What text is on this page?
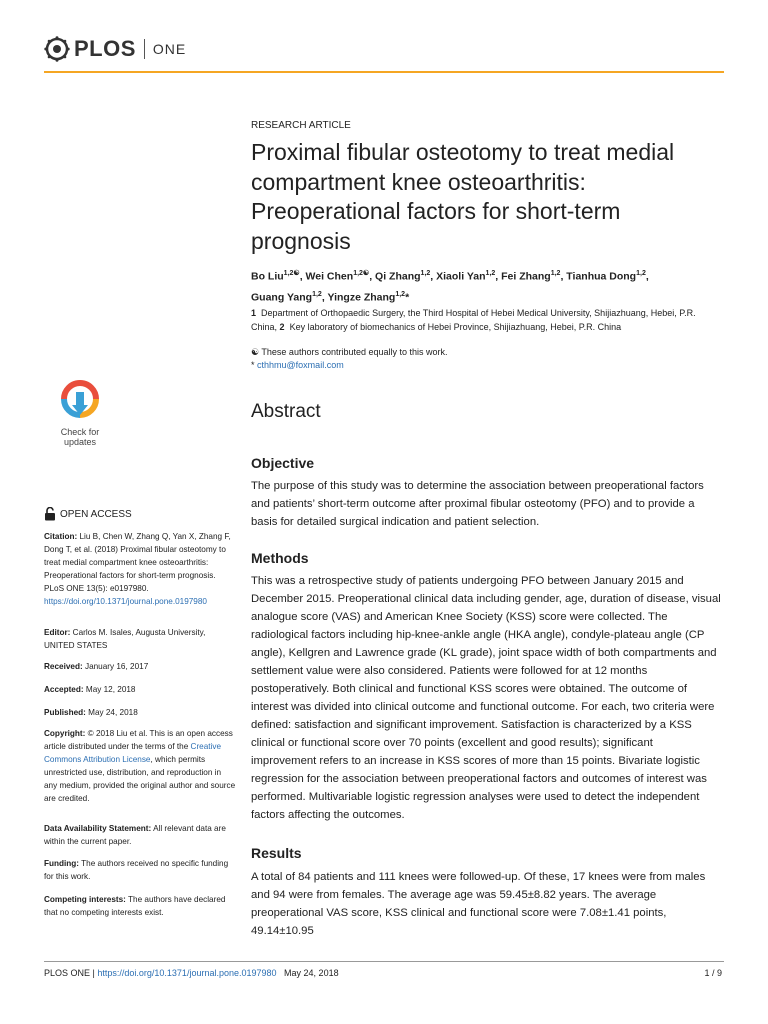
PLOS ONE
RESEARCH ARTICLE
Proximal fibular osteotomy to treat medial compartment knee osteoarthritis: Preoperational factors for short-term prognosis
Bo Liu$^{1,2☯}$, Wei Chen$^{1,2☯}$, Qi Zhang$^{1,2}$, Xiaoli Yan$^{1,2}$, Fei Zhang$^{1,2}$, Tianhua Dong$^{1,2}$,
Guang Yang$^{1,2}$, Yingze Zhang$^{1,2}$*
1 Department of Orthopaedic Surgery, the Third Hospital of Hebei Medical University, Shijiazhuang, Hebei, P.R. China, 2 Key laboratory of biomechanics of Hebei Province, Shijiazhuang, Hebei, P.R. China
☯ These authors contributed equally to this work.
* cthhmu@foxmail.com
Abstract
Objective

The purpose of this study was to determine the association between preoperational factors and patients’ short-term outcome after proximal fibular osteotomy (PFO) and to provide a basis for detailed surgical indication and patient selection.

Methods

This was a retrospective study of patients undergoing PFO between January 2015 and December 2015. Preoperational clinical data including gender, age, duration of disease, visual analogue score (VAS) and American Knee Society (KSS) score were collected. The radiological factors including hip-knee-ankle angle (HKA angle), condyle-plateau angle (CP angle), Kellgren and Lawrence grade (KL grade), joint space width of both compartments and settlement value were also considered. Patients were followed for at 12 months postoperatively. Both clinical and functional KSS scores were obtained. The outcome of interest was divided into clinical outcome and functional outcome. For each, two criteria were defined: satisfaction and significant improvement. Satisfaction is characterized by a KSS clinical or functional score over 70 points (excellent and good results); significant improvement refers to an increase in KSS scores of more than 15 points. Bivariate logistic regression for the association between preoperational factors and outcomes of interest was performed. Multivariable logistic regression analyses were used to detect the independent factors affecting the outcomes.

Results

A total of 84 patients and 111 knees were followed-up. Of these, 17 knees were from males and 94 were from females. The average age was 59.45±8.82 years. The average preoperational VAS score, KSS clinical and functional score were 7.08±1.41 points, 49.14±10.95

Check for updates
OPEN ACCESS

Citation: Liu B, Chen W, Zhang Q, Yan X, Zhang F, Dong T, et al. (2018) Proximal fibular osteotomy to treat medial compartment knee osteoarthritis: Preoperational factors for short-term prognosis. PLoS ONE 13(5): e0197980. https://doi.org/10.1371/journal.pone.0197980

Editor: Carlos M. Isales, Augusta University, UNITED STATES

Received: January 16, 2017

Accepted: May 12, 2018

Published: May 24, 2018

Copyright: © 2018 Liu et al. This is an open access article distributed under the terms of the Creative Commons Attribution License, which permits unrestricted use, distribution, and reproduction in any medium, provided the original author and source are credited.

Data Availability Statement: All relevant data are within the current paper.

Funding: The authors received no specific funding for this work.

Competing interests: The authors have declared that no competing interests exist.

PLOS ONE | https://doi.org/10.1371/journal.pone.0197980 May 24, 2018	1 / 9
